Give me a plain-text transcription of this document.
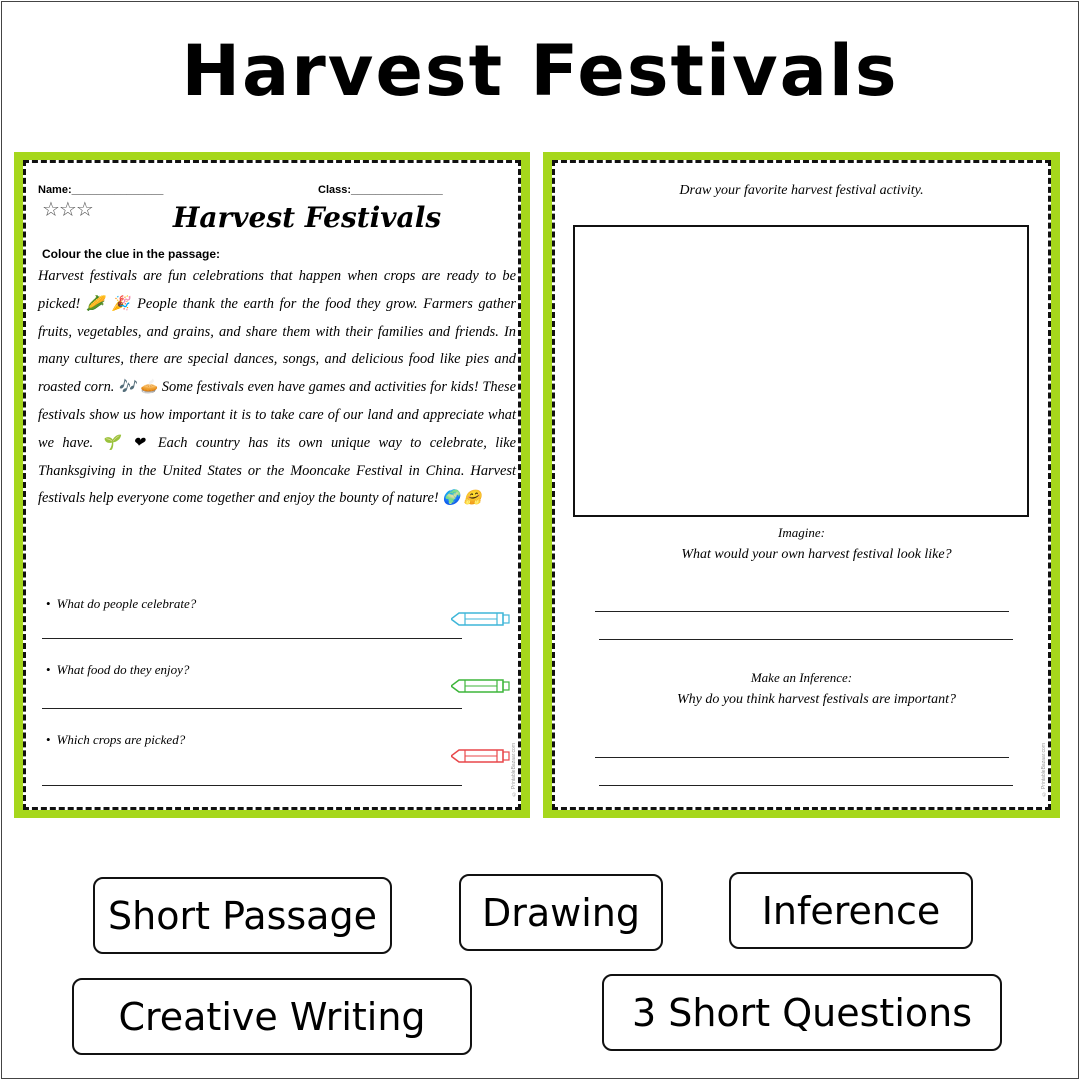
Harvest Festivals
Name:_______________	Class:_______________
☆☆☆	Harvest Festivals
Colour the clue in the passage:
Harvest festivals are fun celebrations that happen when crops are ready to be picked! 🌽 🎉 People thank the earth for the food they grow. Farmers gather fruits, vegetables, and grains, and share them with their families and friends. In many cultures, there are special dances, songs, and delicious food like pies and roasted corn. 🎶 🥧 Some festivals even have games and activities for kids! These festivals show us how important it is to take care of our land and appreciate what we have. 🌱 ❤ Each country has its own unique way to celebrate, like Thanksgiving in the United States or the Mooncake Festival in China. Harvest festivals help everyone come together and enjoy the bounty of nature! 🌍 🤗
• What do people celebrate?
• What food do they enjoy?
• Which crops are picked?
© PrintableBazaar.com
Draw your favorite harvest festival activity.
Imagine:
What would your own harvest festival look like?
Make an Inference:
Why do you think harvest festivals are important?
© PrintableBazaar.com
Short Passage	Drawing	Inference
Creative Writing	3 Short Questions
